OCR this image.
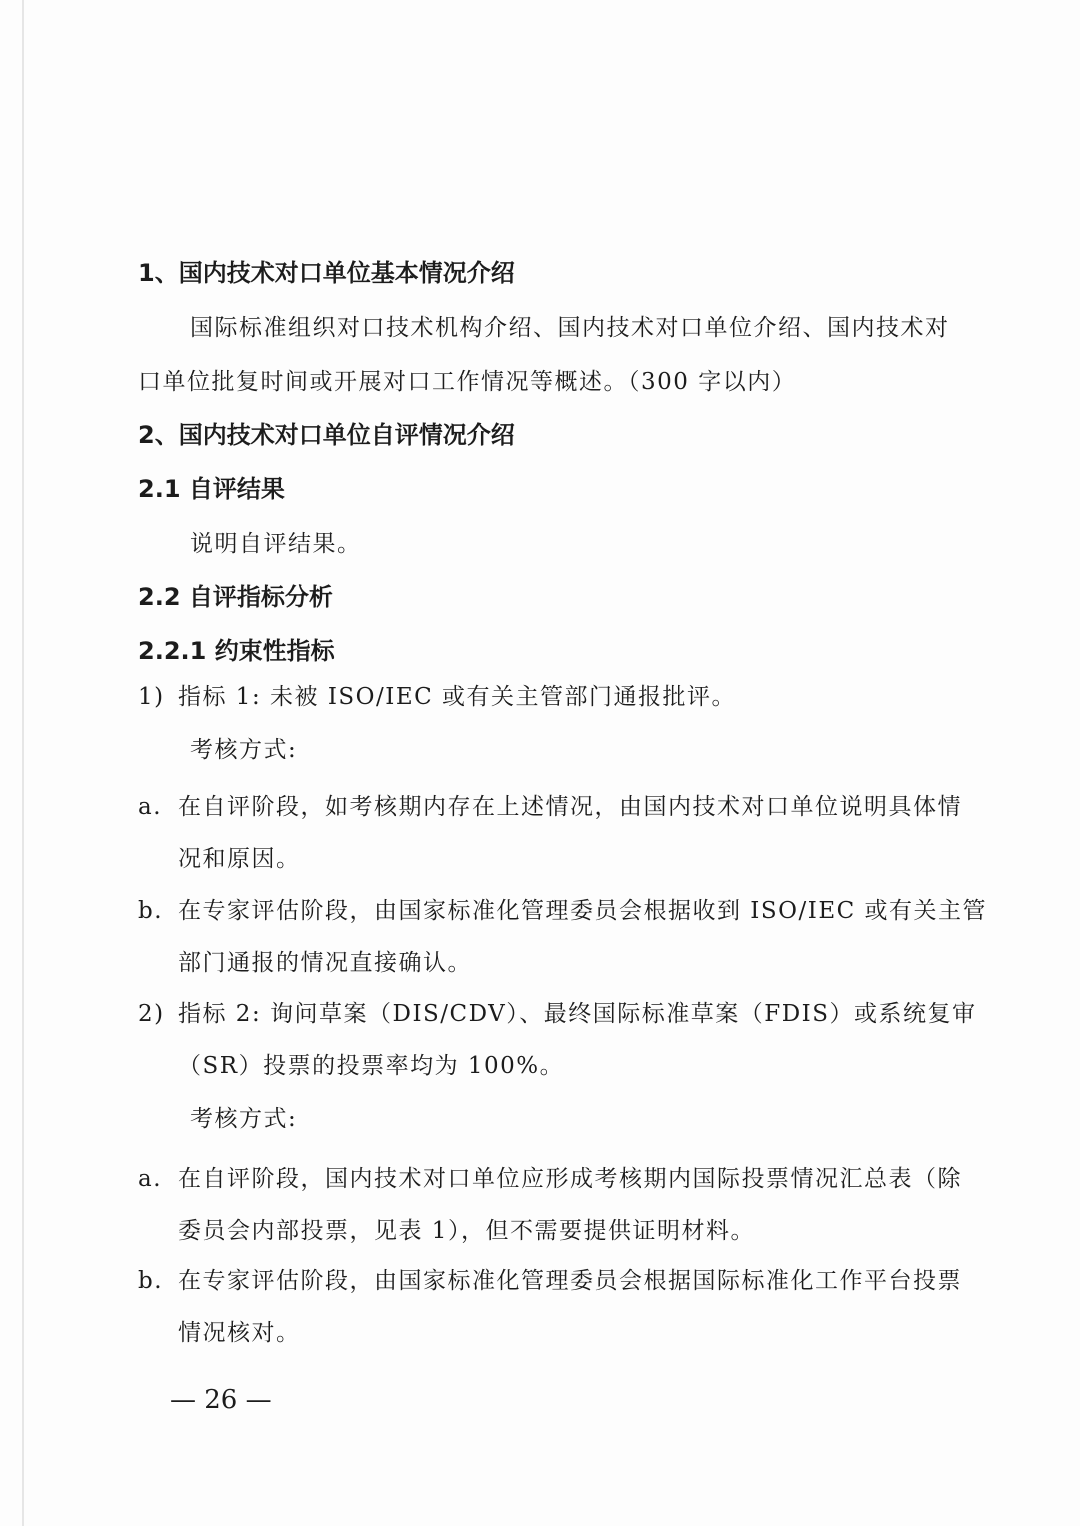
1、国内技术对口单位基本情况介绍
国际标准组织对口技术机构介绍、国内技术对口单位介绍、国内技术对
口单位批复时间或开展对口工作情况等概述。（300 字以内）
2、国内技术对口单位自评情况介绍
2.1 自评结果
说明自评结果。
2.2 自评指标分析
2.2.1 约束性指标
1) 指标 1: 未被 ISO/IEC 或有关主管部门通报批评。
考核方式:
a. 在自评阶段，如考核期内存在上述情况，由国内技术对口单位说明具体情
况和原因。
b. 在专家评估阶段，由国家标准化管理委员会根据收到 ISO/IEC 或有关主管
部门通报的情况直接确认。
2) 指标 2: 询问草案（DIS/CDV）、最终国际标准草案（FDIS）或系统复审
（SR）投票的投票率均为 100%。
考核方式:
a. 在自评阶段，国内技术对口单位应形成考核期内国际投票情况汇总表（除
委员会内部投票，见表 1），但不需要提供证明材料。
b. 在专家评估阶段，由国家标准化管理委员会根据国际标准化工作平台投票
情况核对。
— 26 —
